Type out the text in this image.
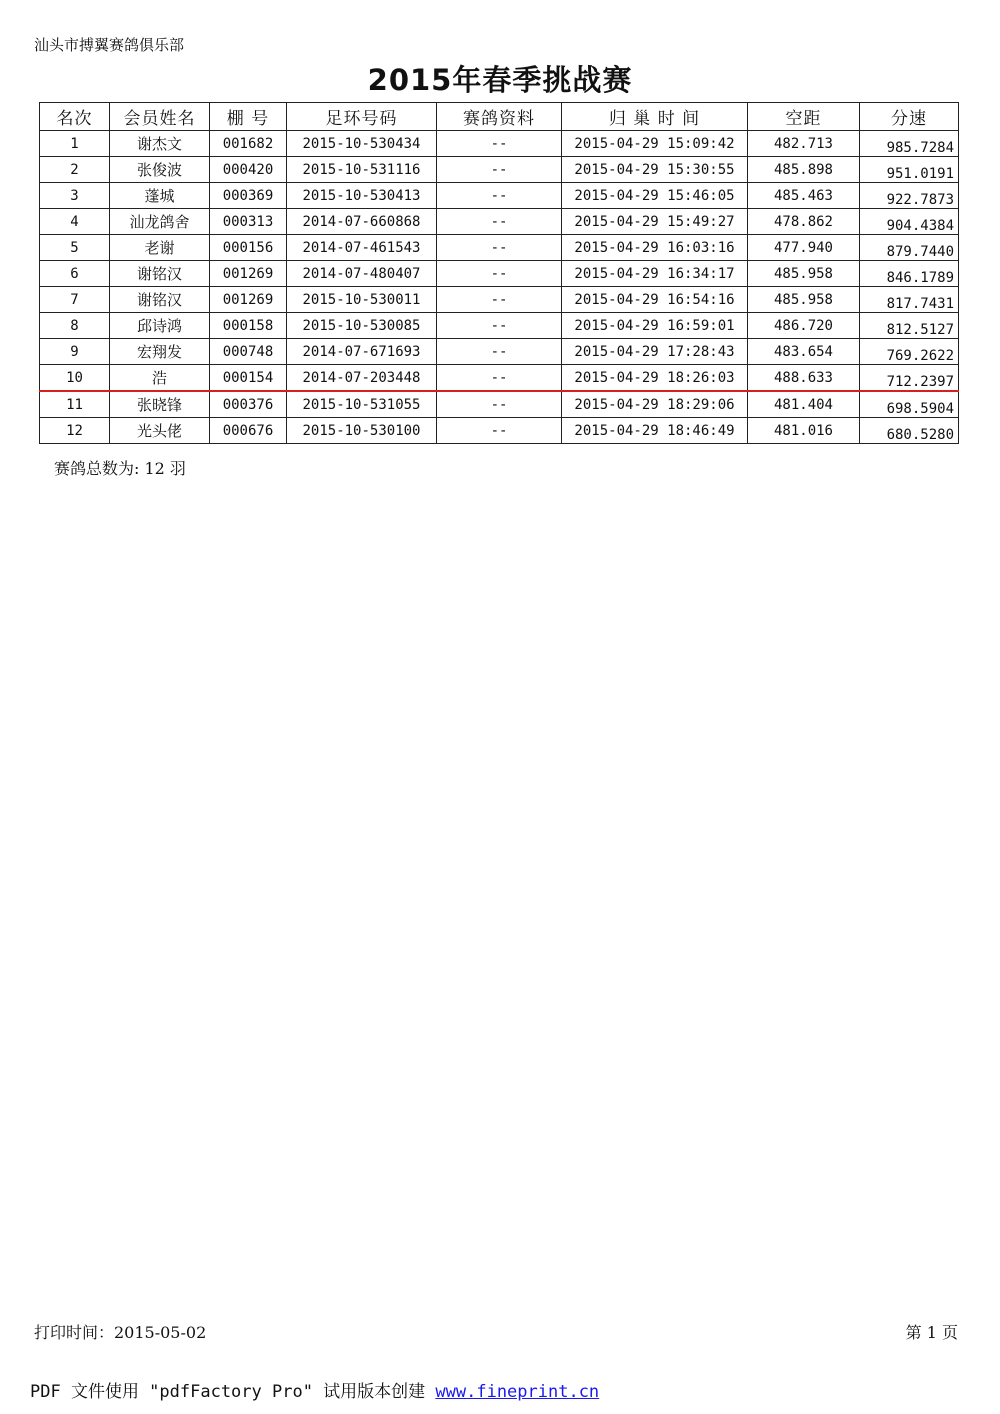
汕头市搏翼赛鸽俱乐部
2015年春季挑战赛
名次	会员姓名	棚 号	足环号码	赛鸽资料	归 巢 时 间	空距	分速
1	谢杰文	001682	2015-10-530434	--	2015-04-29 15:09:42	482.713	985.7284
2	张俊波	000420	2015-10-531116	--	2015-04-29 15:30:55	485.898	951.0191
3	蓬城	000369	2015-10-530413	--	2015-04-29 15:46:05	485.463	922.7873
4	汕龙鸽舍	000313	2014-07-660868	--	2015-04-29 15:49:27	478.862	904.4384
5	老谢	000156	2014-07-461543	--	2015-04-29 16:03:16	477.940	879.7440
6	谢铭汉	001269	2014-07-480407	--	2015-04-29 16:34:17	485.958	846.1789
7	谢铭汉	001269	2015-10-530011	--	2015-04-29 16:54:16	485.958	817.7431
8	邱诗鸿	000158	2015-10-530085	--	2015-04-29 16:59:01	486.720	812.5127
9	宏翔发	000748	2014-07-671693	--	2015-04-29 17:28:43	483.654	769.2622
10	浩	000154	2014-07-203448	--	2015-04-29 18:26:03	488.633	712.2397
11	张晓锋	000376	2015-10-531055	--	2015-04-29 18:29:06	481.404	698.5904
12	光头佬	000676	2015-10-530100	--	2015-04-29 18:46:49	481.016	680.5280
赛鸽总数为: 12 羽
打印时间：2015-05-02	第 1 页
PDF 文件使用 "pdfFactory Pro" 试用版本创建 www.fineprint.cn
